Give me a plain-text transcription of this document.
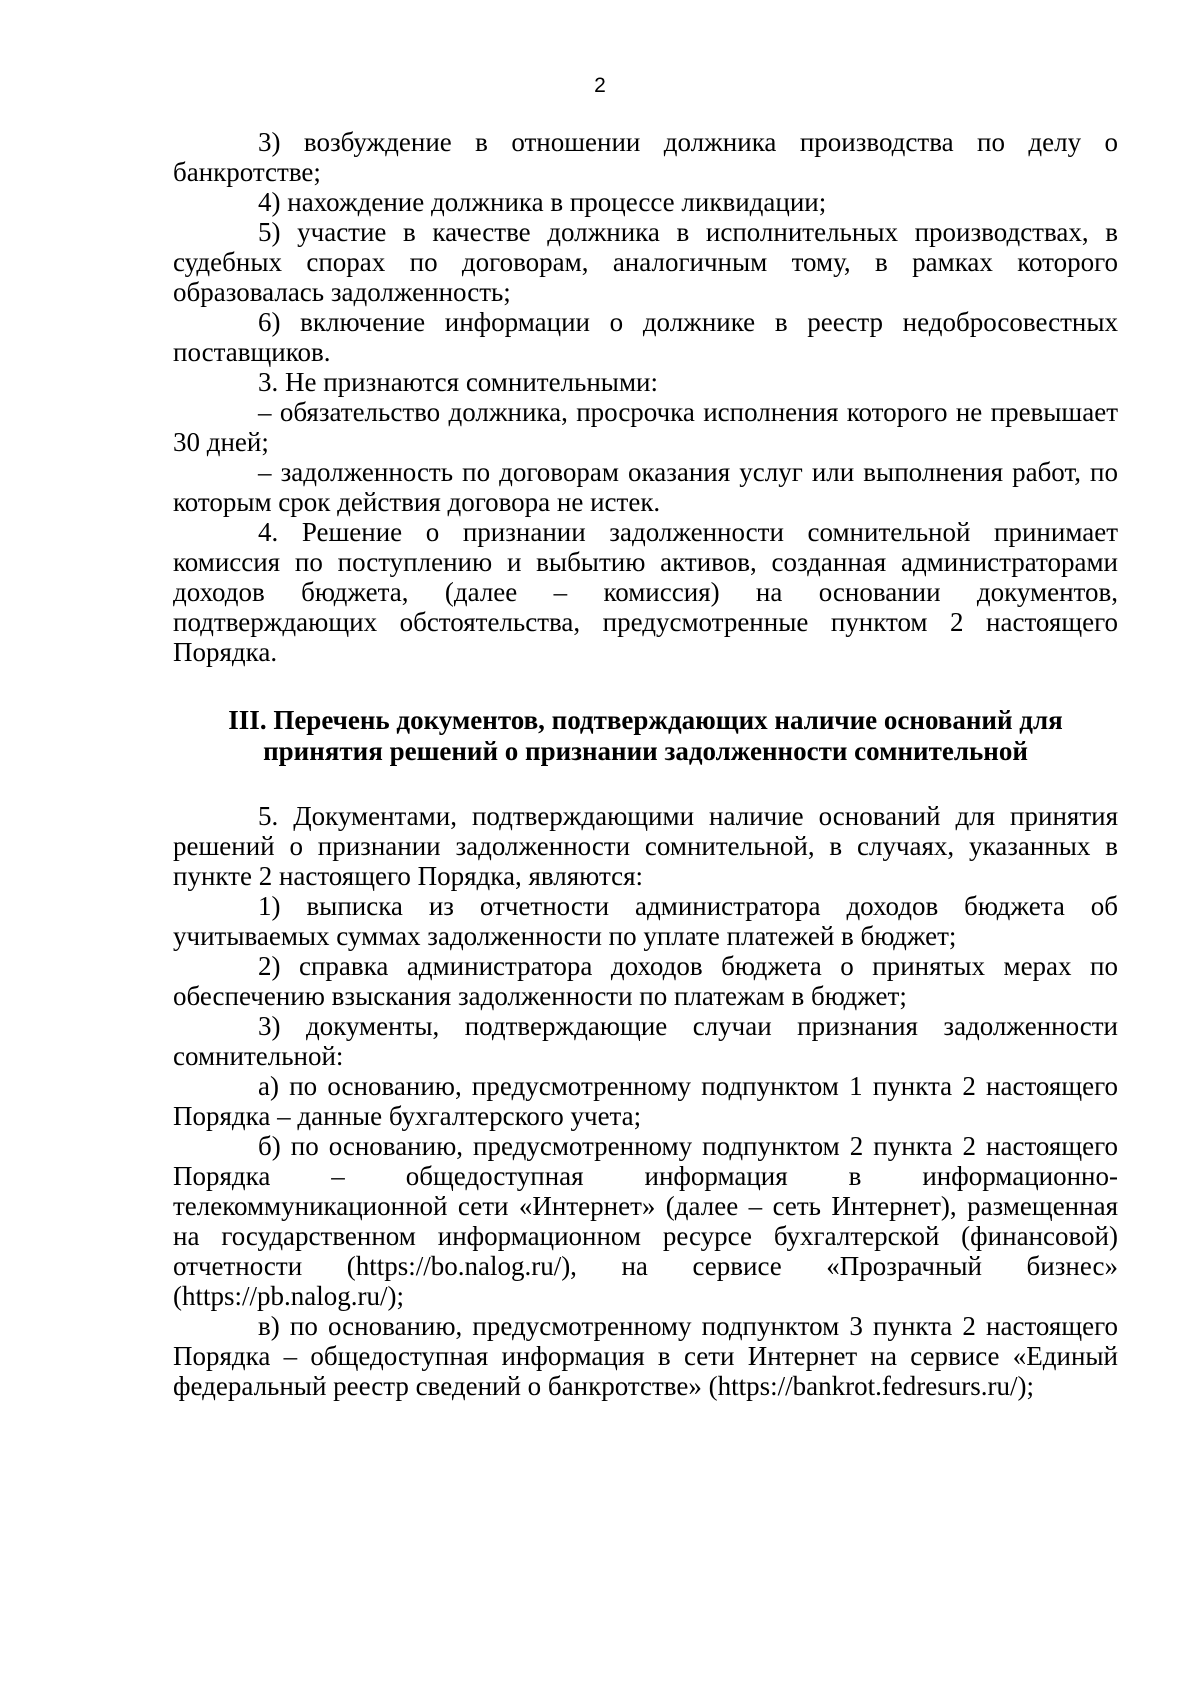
2

3) возбуждение в отношении должника производства по делу о банкротстве;

4) нахождение должника в процессе ликвидации;

5) участие в качестве должника в исполнительных производствах, в судебных спорах по договорам, аналогичным тому, в рамках которого образовалась задолженность;

6) включение информации о должнике в реестр недобросовестных поставщиков.

3. Не признаются сомнительными:

– обязательство должника, просрочка исполнения которого не превышает 30 дней;

– задолженность по договорам оказания услуг или выполнения работ, по которым срок действия договора не истек.

4. Решение о признании задолженности сомнительной принимает комиссия по поступлению и выбытию активов, созданная администраторами доходов бюджета, (далее – комиссия) на основании документов, подтверждающих обстоятельства, предусмотренные пунктом 2 настоящего Порядка.

III. Перечень документов, подтверждающих наличие оснований для
принятия решений о признании задолженности сомнительной

5. Документами, подтверждающими наличие оснований для принятия решений о признании задолженности сомнительной, в случаях, указанных в пункте 2 настоящего Порядка, являются:

1) выписка из отчетности администратора доходов бюджета об учитываемых суммах задолженности по уплате платежей в бюджет;

2) справка администратора доходов бюджета о принятых мерах по обеспечению взыскания задолженности по платежам в бюджет;

3) документы, подтверждающие случаи признания задолженности сомнительной:

а) по основанию, предусмотренному подпунктом 1 пункта 2 настоящего Порядка – данные бухгалтерского учета;

б) по основанию, предусмотренному подпунктом 2 пункта 2 настоящего Порядка – общедоступная информация в информационно-телекоммуникационной сети «Интернет» (далее – сеть Интернет), размещенная на государственном информационном ресурсе бухгалтерской (финансовой) отчетности (https://bo.nalog.ru/), на сервисе «Прозрачный бизнес» (https://pb.nalog.ru/);

в) по основанию, предусмотренному подпунктом 3 пункта 2 настоящего Порядка – общедоступная информация в сети Интернет на сервисе «Единый федеральный реестр сведений о банкротстве» (https://bankrot.fedresurs.ru/);
